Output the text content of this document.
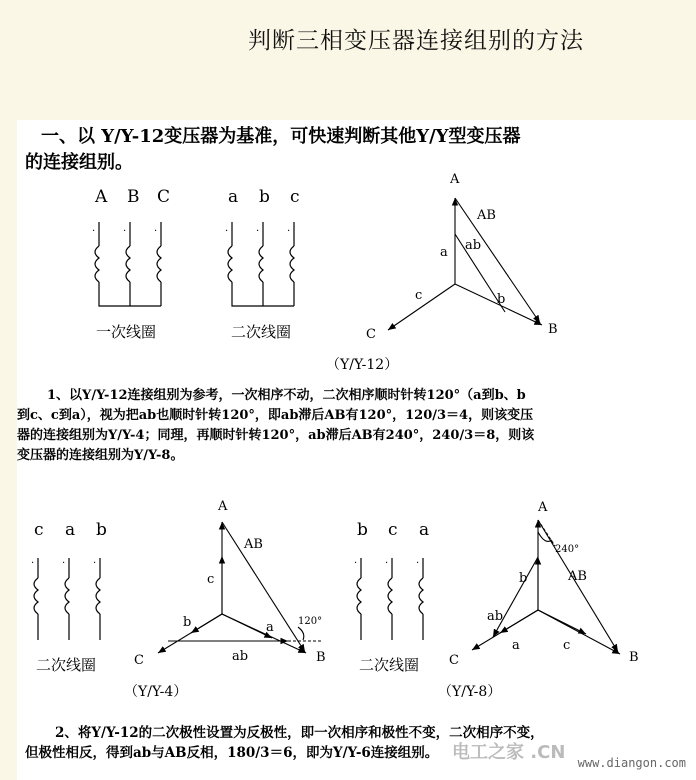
判断三相变压器连接组别的方法
一、以 Y/Y-12变压器为基准，可快速判断其他Y/Y型变压器
的连接组别。
A B C
·	·	·
一次线圈
a b c
·	·	·
二次线圈
A
AB
ab
a
b
c
B
C
（Y/Y-12）
c a b
·	·	·
二次线圈
A
AB
c
b	a
ab
120°
B
C
（Y/Y-4）
b c a
·	·	·
二次线圈
A
240°
AB
b
ab
a	c
B
C
（Y/Y-8）
1、以Y/Y-12连接组别为参考，一次相序不动，二次相序顺时针转120°（a到b、b
到c、c到a），视为把ab也顺时针转120°，即ab滞后AB有120°，120/3＝4，则该变压
器的连接组别为Y/Y-4；同理，再顺时针转120°，ab滞后AB有240°，240/3＝8，则该
变压器的连接组别为Y/Y-8。
2、将Y/Y-12的二次极性设置为反极性，即一次相序和极性不变，二次相序不变，
但极性相反，得到ab与AB反相，180/3＝6，即为Y/Y-6连接组别。 电工之家 .CN www.diangon.com
